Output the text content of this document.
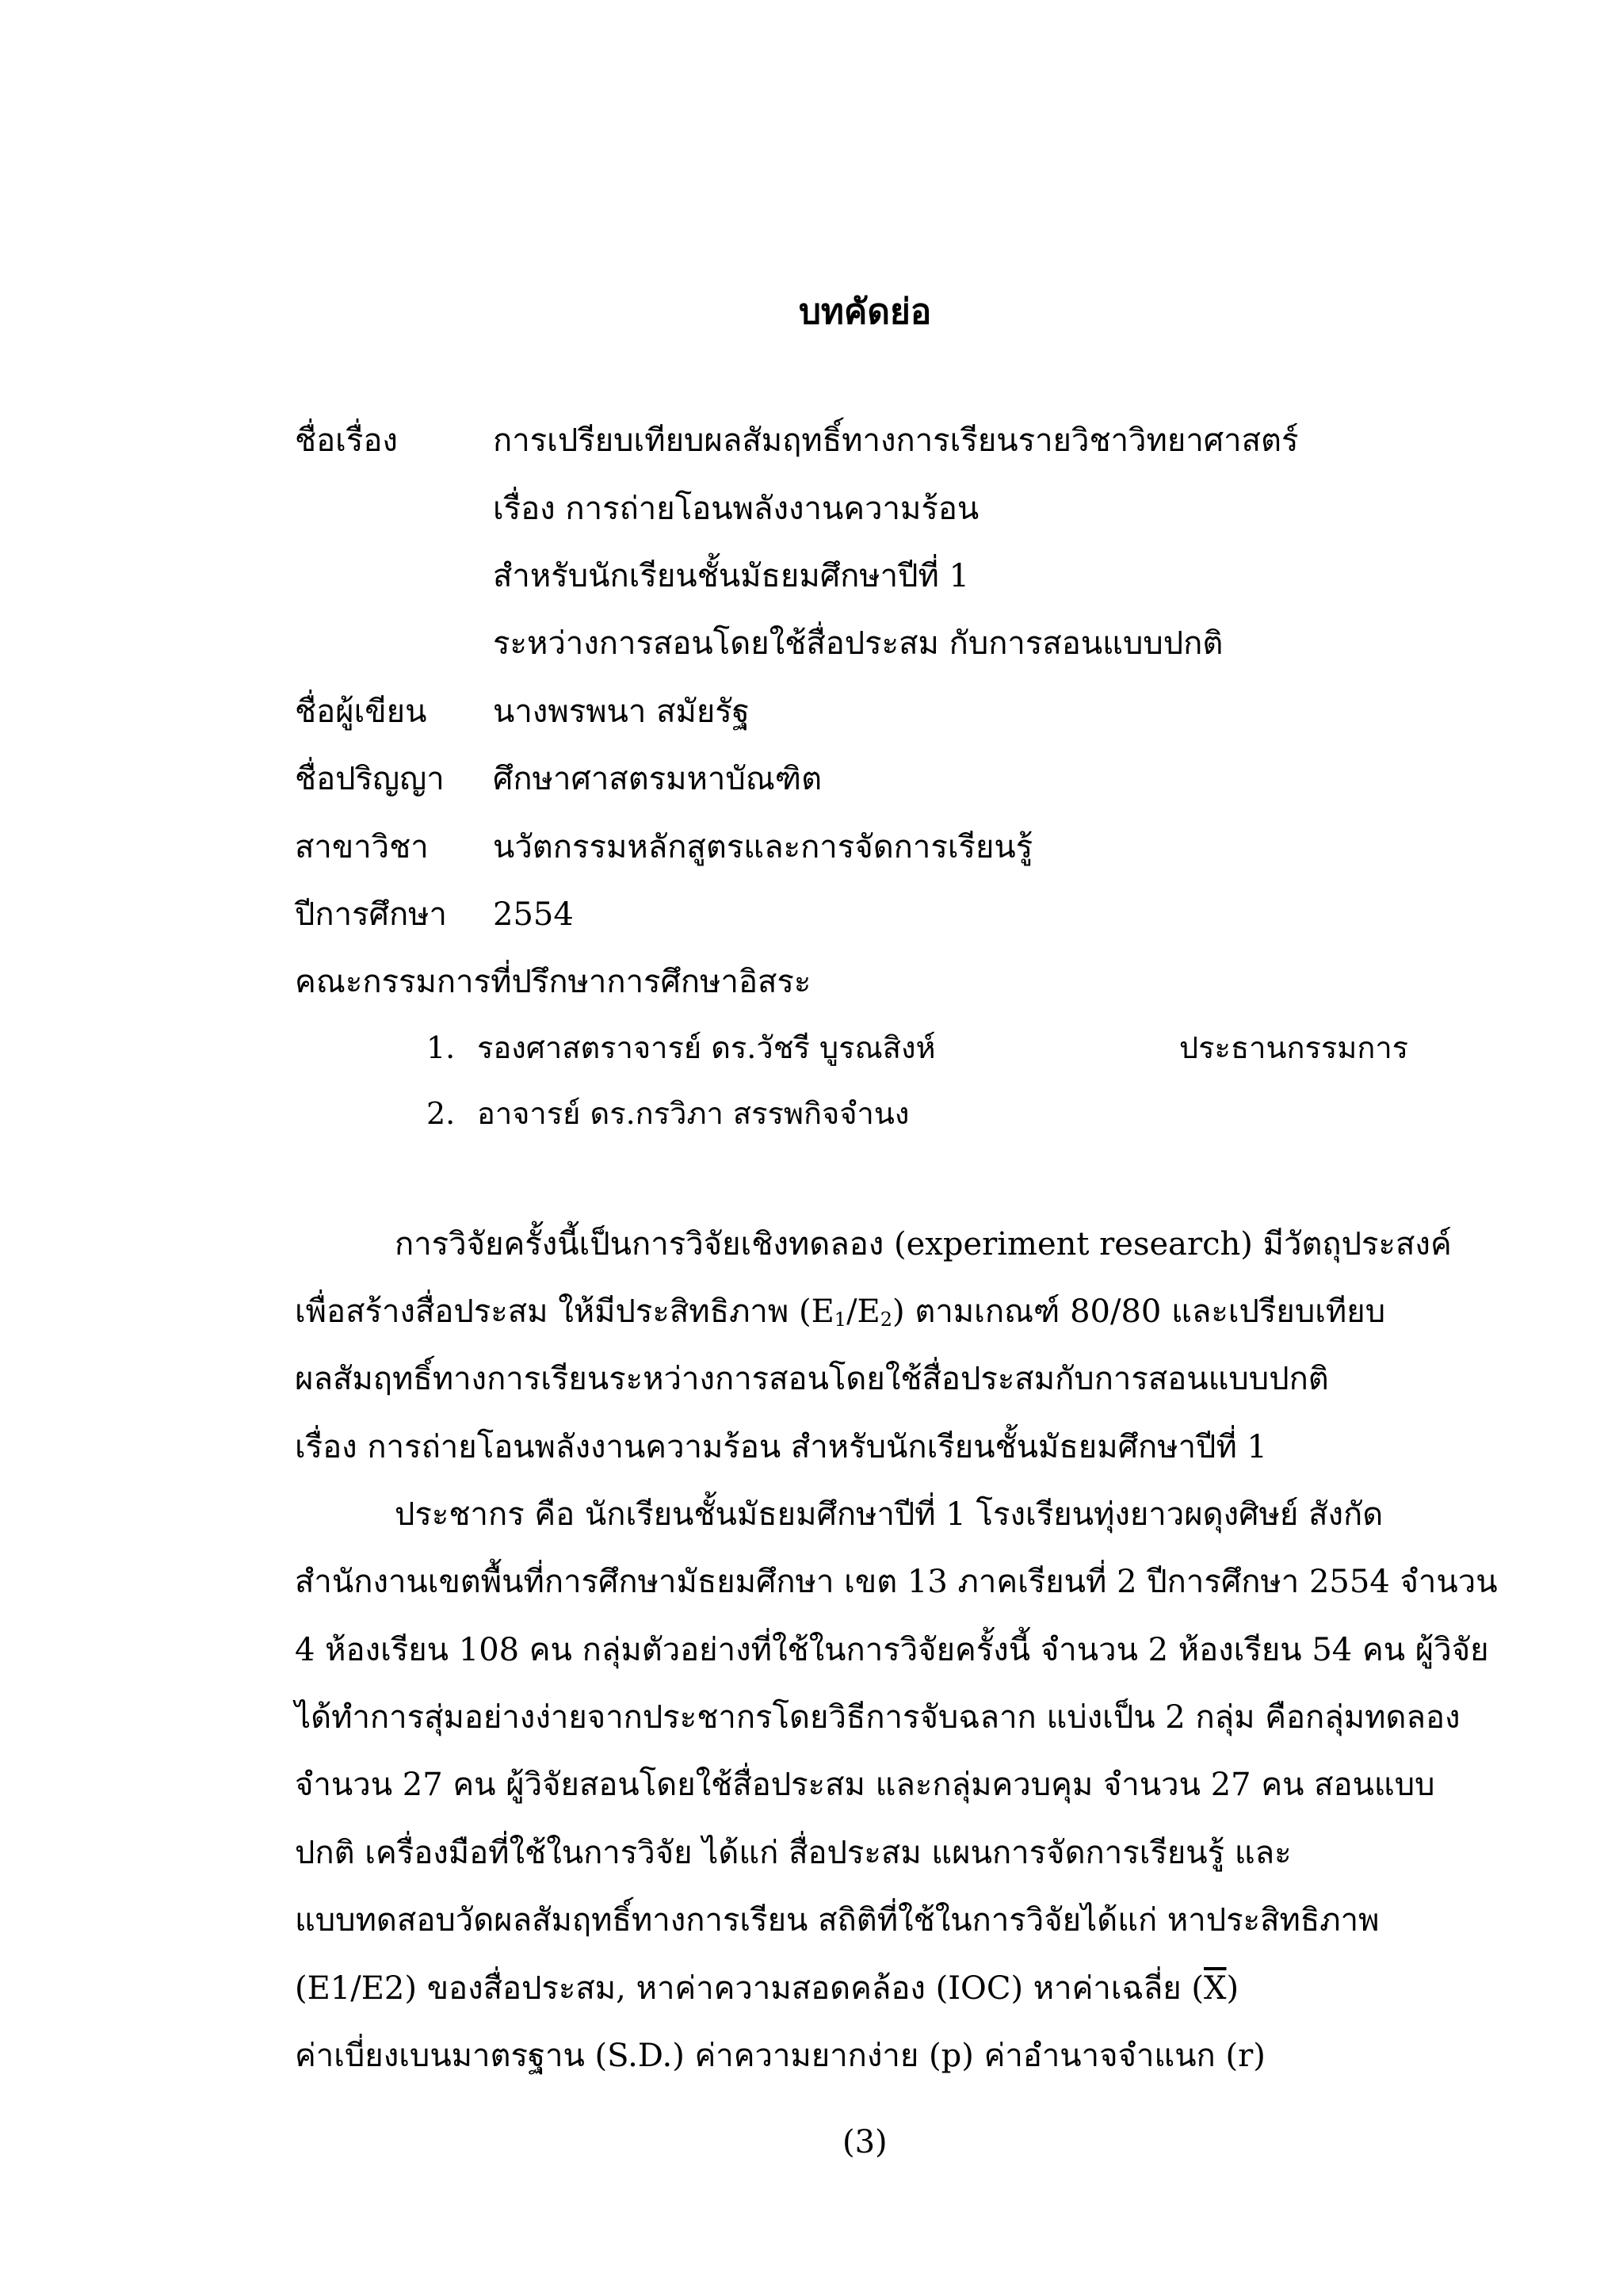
บทคัดย่อ
ชื่อเรื่อง	การเปรียบเทียบผลสัมฤทธิ์ทางการเรียนรายวิชาวิทยาศาสตร์
เรื่อง การถ่ายโอนพลังงานความร้อน
สำหรับนักเรียนชั้นมัธยมศึกษาปีที่ 1
ระหว่างการสอนโดยใช้สื่อประสม กับการสอนแบบปกติ
ชื่อผู้เขียน นางพรพนา สมัยรัฐ
ชื่อปริญญา ศึกษาศาสตรมหาบัณฑิต
สาขาวิชา นวัตกรรมหลักสูตรและการจัดการเรียนรู้
ปีการศึกษา 2554
คณะกรรมการที่ปรึกษาการศึกษาอิสระ
1. รองศาสตราจารย์ ดร.วัชรี บูรณสิงห์	ประธานกรรมการ
2. อาจารย์ ดร.กรวิภา สรรพกิจจำนง
การวิจัยครั้งนี้เป็นการวิจัยเชิงทดลอง (experiment research) มีวัตถุประสงค์
เพื่อสร้างสื่อประสม ให้มีประสิทธิภาพ $(E_1/E_2)$ ตามเกณฑ์ 80/80 และเปรียบเทียบ
ผลสัมฤทธิ์ทางการเรียนระหว่างการสอนโดยใช้สื่อประสมกับการสอนแบบปกติ
เรื่อง การถ่ายโอนพลังงานความร้อน สำหรับนักเรียนชั้นมัธยมศึกษาปีที่ 1
ประชากร คือ นักเรียนชั้นมัธยมศึกษาปีที่ 1 โรงเรียนทุ่งยาวผดุงศิษย์ สังกัด
สำนักงานเขตพื้นที่การศึกษามัธยมศึกษา เขต 13 ภาคเรียนที่ 2 ปีการศึกษา 2554 จำนวน
4 ห้องเรียน 108 คน กลุ่มตัวอย่างที่ใช้ในการวิจัยครั้งนี้ จำนวน 2 ห้องเรียน 54 คน ผู้วิจัย
ได้ทำการสุ่มอย่างง่ายจากประชากรโดยวิธีการจับฉลาก แบ่งเป็น 2 กลุ่ม คือกลุ่มทดลอง
จำนวน 27 คน ผู้วิจัยสอนโดยใช้สื่อประสม และกลุ่มควบคุม จำนวน 27 คน สอนแบบ
ปกติ เครื่องมือที่ใช้ในการวิจัย ได้แก่ สื่อประสม แผนการจัดการเรียนรู้ และ
แบบทดสอบวัดผลสัมฤทธิ์ทางการเรียน สถิติที่ใช้ในการวิจัยได้แก่ หาประสิทธิภาพ
(E1/E2) ของสื่อประสม, หาค่าความสอดคล้อง (IOC) หาค่าเฉลี่ย $(\overline{X})$
ค่าเบี่ยงเบนมาตรฐาน (S.D.) ค่าความยากง่าย (p) ค่าอำนาจจำแนก (r)
(3)
